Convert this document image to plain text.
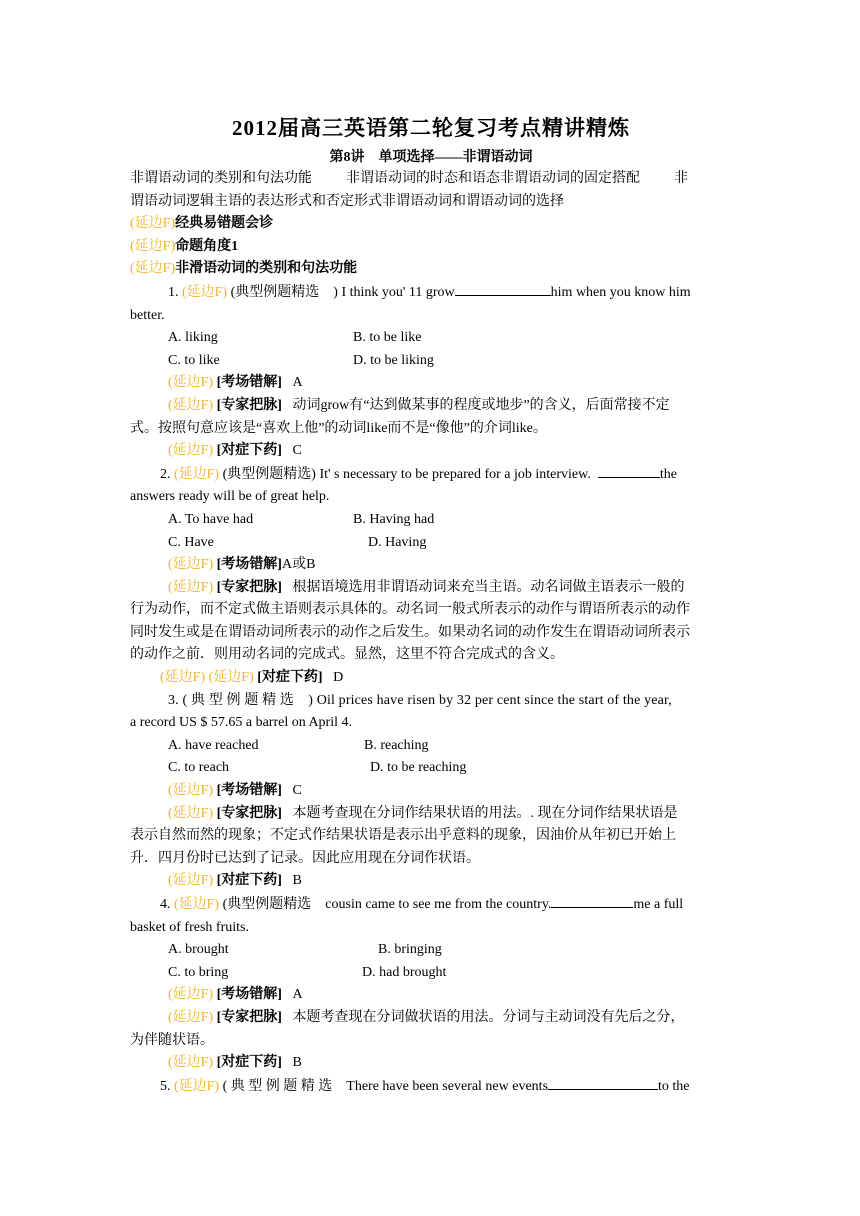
2012届高三英语第二轮复习考点精讲精炼
第8讲　单项选择——非谓语动词
非谓语动词的类别和句法功能 非谓语动词的时态和语态非谓语动词的固定搭配 非
谓语动词逻辑主语的表达形式和否定形式非谓语动词和谓语动词的选择
(延边F)经典易错题会诊
(延边F)命题角度1
(延边F)非滑语动词的类别和句法功能
1. (延边F) (典型例题精选　) I think you' 11 grow	him when you know him
better.
A. liking	B. to be like
C. to like	D. to be liking
(延边F) [考场错解] A
(延边F) [专家把脉] 动词grow有“达到做某事的程度或地步”的含义，后面常接不定
式。按照句意应该是“喜欢上他”的动词like而不是“像他”的介词like。
(延边F) [对症下药] C
2. (延边F) (典型例题精选) It' s necessary to be prepared for a job interview.	the
answers ready will be of great help.
A. To have had	B. Having had
C. Have	D. Having
(延边F) [考场错解]A或B
(延边F) [专家把脉] 根据语境选用非谓语动词来充当主语。动名词做主语表示一般的
行为动作，而不定式做主语则表示具体的。动名词一般式所表示的动作与谓语所表示的动作
同时发生或是在谓语动词所表示的动作之后发生。如果动名词的动作发生在谓语动词所表示
的动作之前．则用动名词的完成式。显然，这里不符合完成式的含义。
(延边F) (延边F) [对症下药] D
3. ( 典 型 例 题 精 选　) Oil prices have risen by 32 per cent since the start of the year,
a record US $ 57.65 a barrel on April 4.
A. have reached	B. reaching
C. to reach	D. to be reaching
(延边F) [考场错解] C
(延边F) [专家把脉] 本题考查现在分词作结果状语的用法。. 现在分词作结果状语是
表示自然而然的现象；不定式作结果状语是表示出乎意料的现象，因油价从年初已开始上
升．四月份时已达到了记录。因此应用现在分词作状语。
(延边F) [对症下药] B
4. (延边F) (典型例题精选　cousin came to see me from the country.	me a full
basket of fresh fruits.
A. brought	B. bringing
C. to bring	D. had brought
(延边F) [考场错解] A
(延边F) [专家把脉] 本题考查现在分词做状语的用法。分词与主动词没有先后之分，
为伴随状语。
(延边F) [对症下药] B
5. (延边F) ( 典 型 例 题 精 选　There have been several new events	to the
